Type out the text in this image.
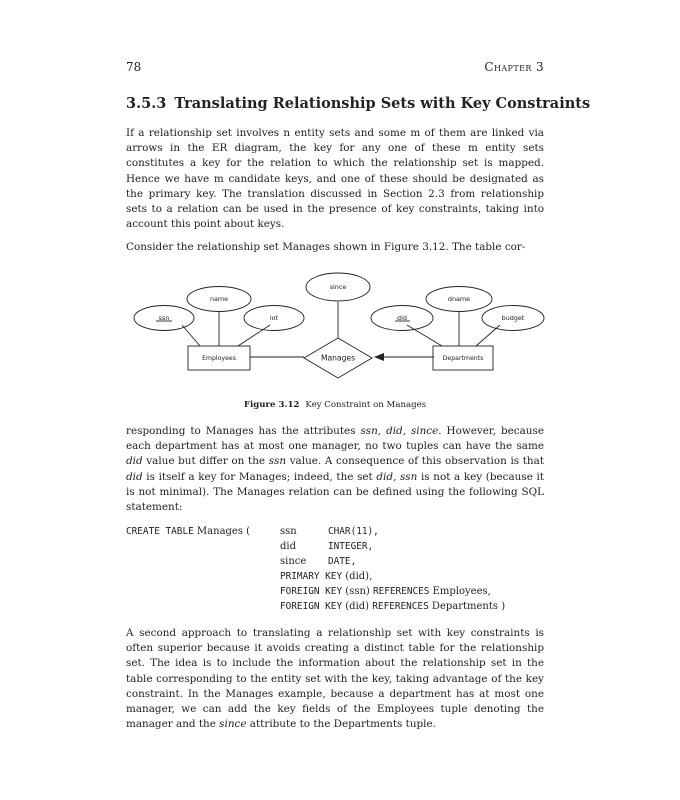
78	Chapter 3
3.5.3 Translating Relationship Sets with Key Constraints

If a relationship set involves n entity sets and some m of them are linked via arrows in the ER diagram, the key for any one of these m entity sets constitutes a key for the relation to which the relationship set is mapped. Hence we have m candidate keys, and one of these should be designated as the primary key. The translation discussed in Section 2.3 from relationship sets to a relation can be used in the presence of key constraints, taking into account this point about keys.

Consider the relationship set Manages shown in Figure 3.12. The table cor-

since
name	dname
ssn	lot	did	budget
Employees	Departments
Manages
Figure 3.12 Key Constraint on Manages

responding to Manages has the attributes ssn, did, since. However, because each department has at most one manager, no two tuples can have the same did value but differ on the ssn value. A consequence of this observation is that did is itself a key for Manages; indeed, the set did, ssn is not a key (because it is not minimal). The Manages relation can be defined using the following SQL statement:

CREATE TABLE Manages (	ssn	CHAR(11),
did	INTEGER,
since DATE,
PRIMARY KEY (did),
FOREIGN KEY (ssn) REFERENCES Employees,
FOREIGN KEY (did) REFERENCES Departments )

A second approach to translating a relationship set with key constraints is often superior because it avoids creating a distinct table for the relationship set. The idea is to include the information about the relationship set in the table corresponding to the entity set with the key, taking advantage of the key constraint. In the Manages example, because a department has at most one manager, we can add the key fields of the Employees tuple denoting the manager and the since attribute to the Departments tuple.
